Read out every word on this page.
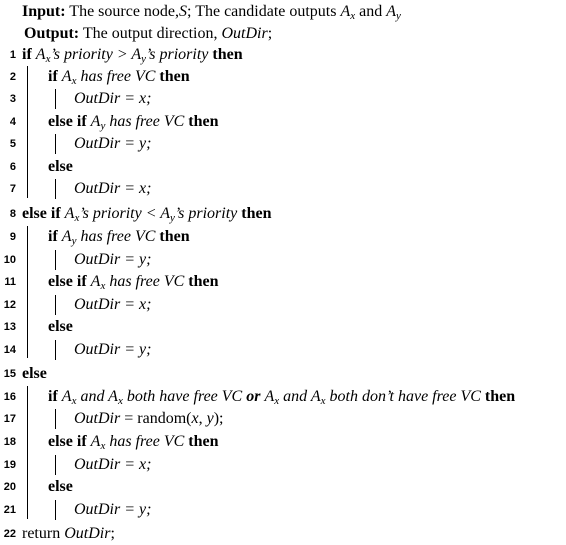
Input: The source node,S; The candidate outputs $A_x$ and $A_y$
Output: The output direction, OutDir;
1 if $A_x’s$ priority > $A_y’s$ priority then
2 if $A_x$ has free VC then
3	OutDir = x;
4 else if $A_y$ has free VC then
5	OutDir = y;
6 else
7	OutDir = x;
8 else if $A_x’s$ priority < $A_y’s$ priority then
9 if $A_y$ has free VC then
10	OutDir = y;
11 else if $A_x$ has free VC then
12	OutDir = x;
13 else
14	OutDir = y;
15 else
16 if $A_x$ and $A_x$ both have free VC or $A_x$ and $A_x$ both don’t have free VC then
17	OutDir = random(x, y);
18 else if $A_x$ has free VC then
19	OutDir = x;
20 else
21	OutDir = y;
22 return OutDir;
